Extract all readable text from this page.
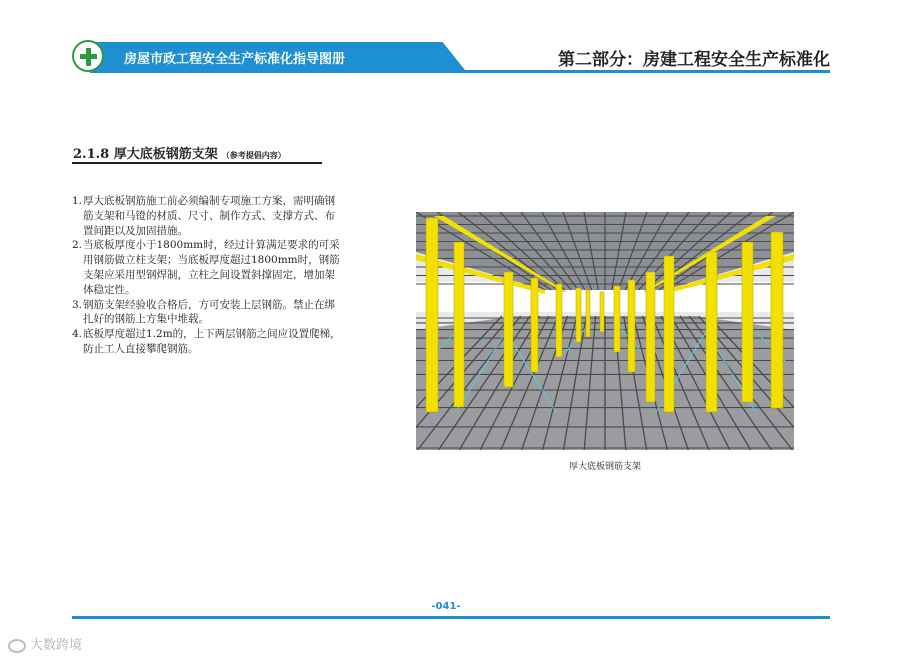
房屋市政工程安全生产标准化指导图册	第二部分：房建工程安全生产标准化
2.1.8 厚大底板钢筋支架 （参考提倡内容）
1. 厚大底板钢筋施工前必须编制专项施工方案，需明确钢筋支架和马镫的材质、尺寸、制作方式、支撑方式、布置间距以及加固措施。
2. 当底板厚度小于1800mm时，经过计算满足要求的可采用钢筋做立柱支架；当底板厚度超过1800mm时，钢筋支架应采用型钢焊制，立柱之间设置斜撑固定，增加架体稳定性。
3. 钢筋支架经验收合格后，方可安装上层钢筋。禁止在绑扎好的钢筋上方集中堆载。
4. 底板厚度超过1.2m的，上下两层钢筋之间应设置爬梯，防止工人直接攀爬钢筋。
厚大底板钢筋支架
-041-
大数跨境
